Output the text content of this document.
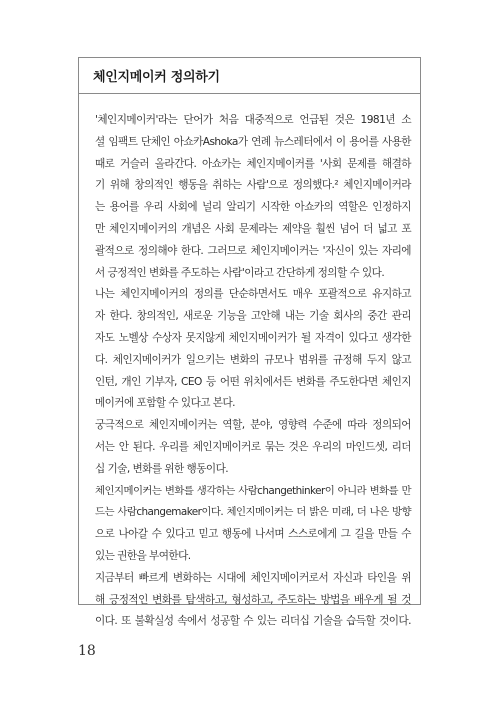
체인지메이커 정의하기
'체인지메이커'라는 단어가 처음 대중적으로 언급된 것은 1981년 소
셜 임팩트 단체인 아쇼카Ashoka가 연례 뉴스레터에서 이 용어를 사용한
때로 거슬러 올라간다. 아쇼카는 체인지메이커를 '사회 문제를 해결하
기 위해 창의적인 행동을 취하는 사람'으로 정의했다.² 체인지메이커라
는 용어를 우리 사회에 널리 알리기 시작한 아쇼카의 역할은 인정하지
만 체인지메이커의 개념은 사회 문제라는 제약을 훨씬 넘어 더 넓고 포
괄적으로 정의해야 한다. 그러므로 체인지메이커는 '자신이 있는 자리에
서 긍정적인 변화를 주도하는 사람'이라고 간단하게 정의할 수 있다.
나는 체인지메이커의 정의를 단순하면서도 매우 포괄적으로 유지하고
자 한다. 창의적인, 새로운 기능을 고안해 내는 기술 회사의 중간 관리
자도 노벨상 수상자 못지않게 체인지메이커가 될 자격이 있다고 생각한
다. 체인지메이커가 일으키는 변화의 규모나 범위를 규정해 두지 않고
인턴, 개인 기부자, CEO 등 어떤 위치에서든 변화를 주도한다면 체인지
메이커에 포함할 수 있다고 본다.
궁극적으로 체인지메이커는 역할, 분야, 영향력 수준에 따라 정의되어
서는 안 된다. 우리를 체인지메이커로 묶는 것은 우리의 마인드셋, 리더
십 기술, 변화를 위한 행동이다.
체인지메이커는 변화를 생각하는 사람changethinker이 아니라 변화를 만
드는 사람changemaker이다. 체인지메이커는 더 밝은 미래, 더 나은 방향
으로 나아갈 수 있다고 믿고 행동에 나서며 스스로에게 그 길을 만들 수
있는 권한을 부여한다.
지금부터 빠르게 변화하는 시대에 체인지메이커로서 자신과 타인을 위
해 긍정적인 변화를 탐색하고, 형성하고, 주도하는 방법을 배우게 될 것
이다. 또 불확실성 속에서 성공할 수 있는 리더십 기술을 습득할 것이다.
18
